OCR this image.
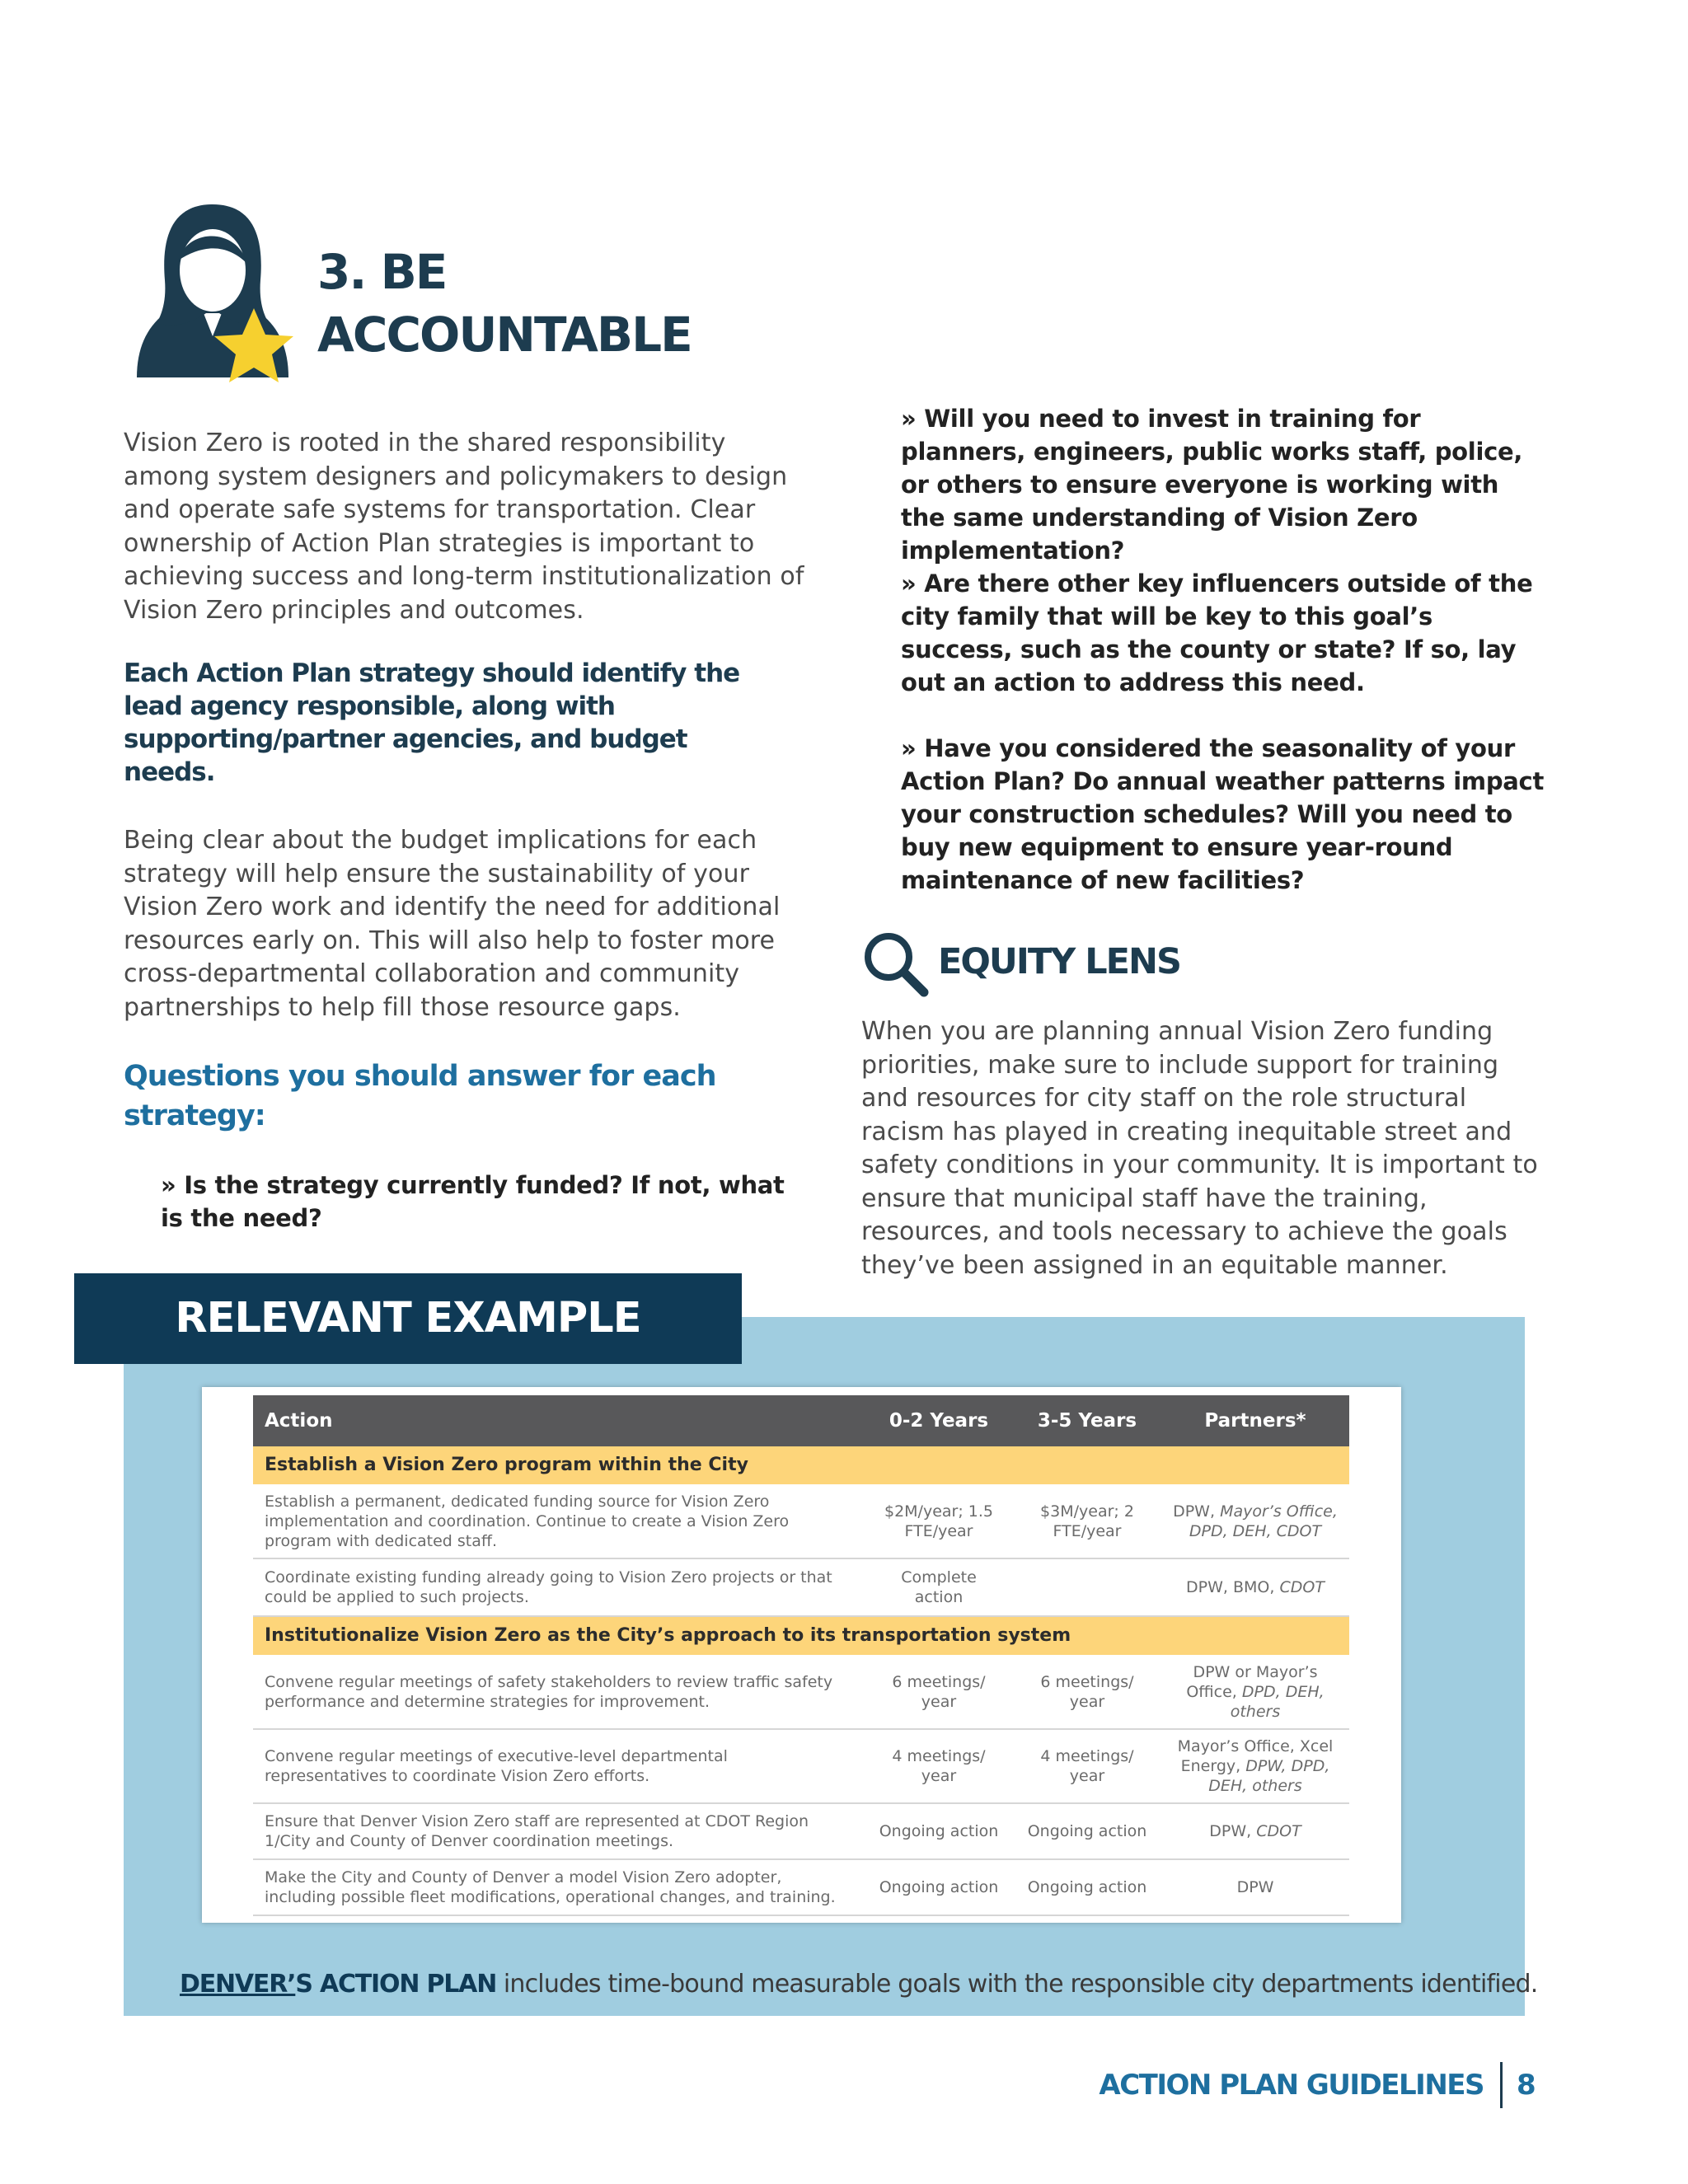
3. BE
ACCOUNTABLE
Vision Zero is rooted in the shared responsibility among system designers and policymakers to design and operate safe systems for transportation. Clear ownership of Action Plan strategies is important to achieving success and long-term institutionalization of Vision Zero principles and outcomes.
Each Action Plan strategy should identify the lead agency responsible, along with supporting/partner agencies, and budget needs.
Being clear about the budget implications for each strategy will help ensure the sustainability of your Vision Zero work and identify the need for additional resources early on. This will also help to foster more cross-departmental collaboration and community partnerships to help fill those resource gaps.
Questions you should answer for each strategy:
» Is the strategy currently funded? If not, what is the need?
» Will you need to invest in training for planners, engineers, public works staff, police, or others to ensure everyone is working with the same understanding of Vision Zero implementation?
» Are there other key influencers outside of the city family that will be key to this goal’s success, such as the county or state? If so, lay out an action to address this need.
» Have you considered the seasonality of your Action Plan? Do annual weather patterns impact your construction schedules? Will you need to buy new equipment to ensure year-round maintenance of new facilities?
EQUITY LENS
When you are planning annual Vision Zero funding priorities, make sure to include support for training and resources for city staff on the role structural racism has played in creating inequitable street and safety conditions in your community. It is important to ensure that municipal staff have the training, resources, and tools necessary to achieve the goals they’ve been assigned in an equitable manner.
RELEVANT EXAMPLE
Action	0-2 Years	3-5 Years	Partners*
Establish a Vision Zero program within the City			
Establish a permanent, dedicated funding source for Vision Zero implementation and coordination. Continue to create a Vision Zero program with dedicated staff.	$2M/year; 1.5 FTE/year	$3M/year; 2 FTE/year	DPW, Mayor’s Office, DPD, DEH, CDOT
Coordinate existing funding already going to Vision Zero projects or that could be applied to such projects.	Complete action		DPW, BMO, CDOT
Institutionalize Vision Zero as the City’s approach to its transportation system			
Convene regular meetings of safety stakeholders to review traffic safety performance and determine strategies for improvement.	6 meetings/ year	6 meetings/ year	DPW or Mayor’s Office, DPD, DEH, others
Convene regular meetings of executive-level departmental representatives to coordinate Vision Zero efforts.	4 meetings/ year	4 meetings/ year	Mayor’s Office, Xcel Energy, DPW, DPD, DEH, others
Ensure that Denver Vision Zero staff are represented at CDOT Region 1/City and County of Denver coordination meetings.	Ongoing action	Ongoing action	DPW, CDOT
Make the City and County of Denver a model Vision Zero adopter, including possible fleet modifications, operational changes, and training.	Ongoing action	Ongoing action	DPW
DENVER’S ACTION PLAN includes time-bound measurable goals with the responsible city departments identified.
ACTION PLAN GUIDELINES 8
